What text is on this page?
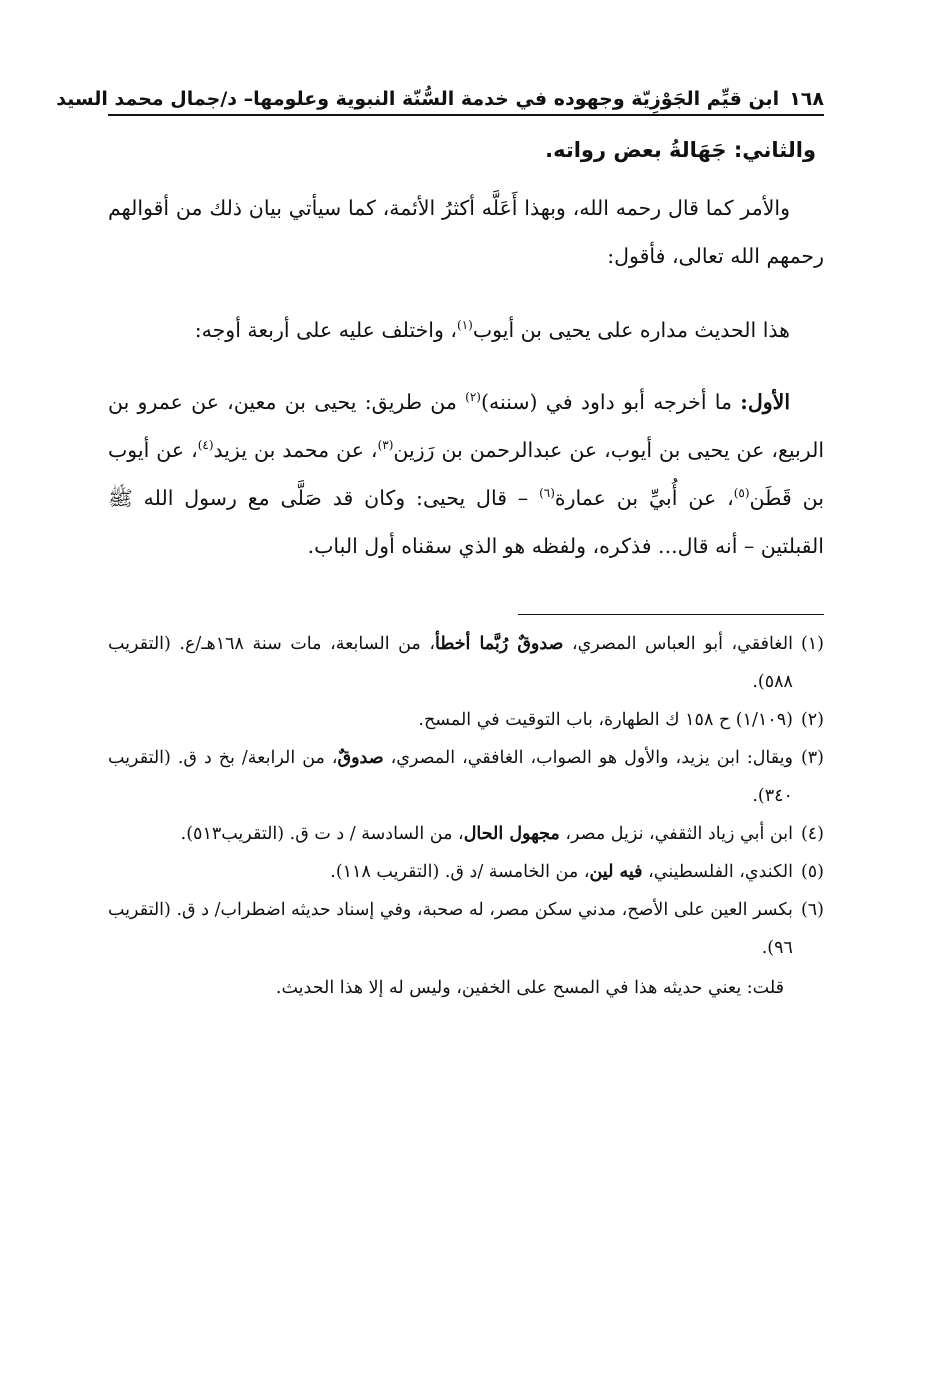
١٦٨
ابن قيِّم الجَوْزِيّة وجهوده في خدمة السُّنّة النبوية وعلومها– د/جمال محمد السيد
والثاني: جَهَالةُ بعض رواته.

والأمر كما قال رحمه الله، وبهذا أَعَلَّه أكثرُ الأئمة، كما سيأتي بيان ذلك من أقوالهم رحمهم الله تعالى، فأقول:

هذا الحديث مداره على يحيى بن أيوب$^{(١)}$، واختلف عليه على أربعة أوجه:

الأول: ما أخرجه أبو داود في (سننه)$^{(٢)}$ من طريق: يحيى بن معين، عن عمرو بن الربيع، عن يحيى بن أيوب، عن عبدالرحمن بن رَزين$^{(٣)}$، عن محمد بن يزيد$^{(٤)}$، عن أيوب بن قَطَن$^{(٥)}$، عن أُبيِّ بن عمارة$^{(٦)}$ – قال يحيى: وكان قد صَلَّى مع رسول الله ﷺ القبلتين – أنه قال... فذكره، ولفظه هو الذي سقناه أول الباب.

(١)
الغافقي، أبو العباس المصري، صدوقٌ رُبَّما أخطأ، من السابعة، مات سنة ١٦٨هـ/ع. (التقريب ٥٨٨).
(٢)
(١/١٠٩) ح ١٥٨ ك الطهارة، باب التوقيت في المسح.
(٣)
ويقال: ابن يزيد، والأول هو الصواب، الغافقي، المصري، صدوقٌ، من الرابعة/ بخ د ق. (التقريب ٣٤٠).
(٤)
ابن أبي زياد الثقفي، نزيل مصر، مجهول الحال، من السادسة / د ت ق. (التقريب٥١٣).
(٥)
الكندي، الفلسطيني، فيه لين، من الخامسة /د ق. (التقريب ١١٨).
(٦)
بكسر العين على الأصح، مدني سكن مصر، له صحبة، وفي إسناد حديثه اضطراب/ د ق. (التقريب ٩٦).
قلت: يعني حديثه هذا في المسح على الخفين، وليس له إلا هذا الحديث.
